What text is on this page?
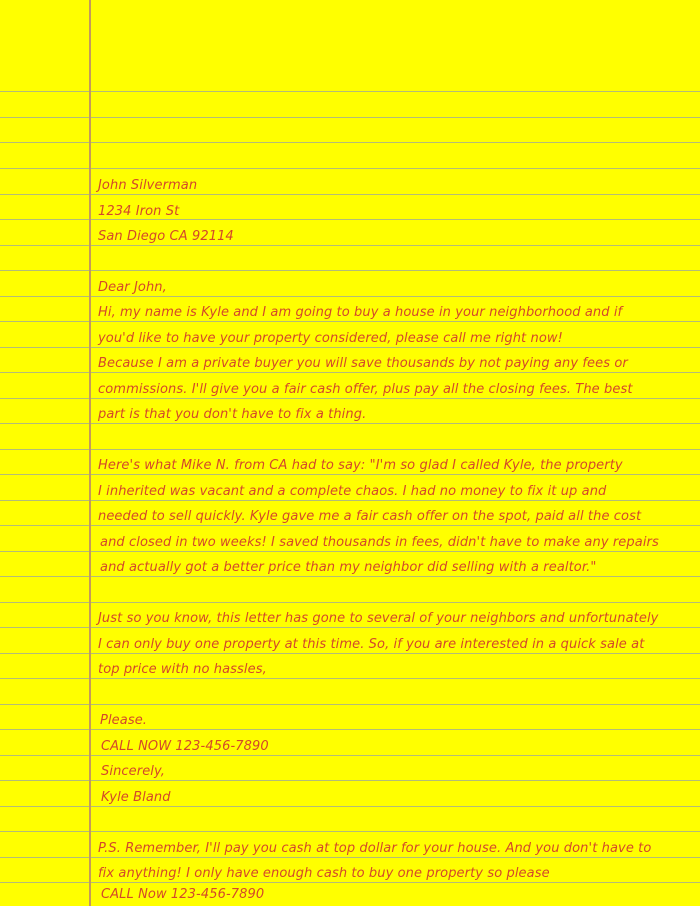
John Silverman
1234 Iron St
San Diego CA 92114
Dear John,
Hi, my name is Kyle and I am going to buy a house in your neighborhood and if
you'd like to have your property considered, please call me right now!
Because I am a private buyer you will save thousands by not paying any fees or
commissions. I'll give you a fair cash offer, plus pay all the closing fees. The best
part is that you don't have to fix a thing.
Here's what Mike N. from CA had to say: "I'm so glad I called Kyle, the property
I inherited was vacant and a complete chaos. I had no money to fix it up and
needed to sell quickly. Kyle gave me a fair cash offer on the spot, paid all the cost
and closed in two weeks! I saved thousands in fees, didn't have to make any repairs
and actually got a better price than my neighbor did selling with a realtor."
Just so you know, this letter has gone to several of your neighbors and unfortunately
I can only buy one property at this time. So, if you are interested in a quick sale at
top price with no hassles,
Please.
CALL NOW 123-456-7890
Sincerely,
Kyle Bland
P.S. Remember, I'll pay you cash at top dollar for your house. And you don't have to
fix anything! I only have enough cash to buy one property so please
CALL Now 123-456-7890
